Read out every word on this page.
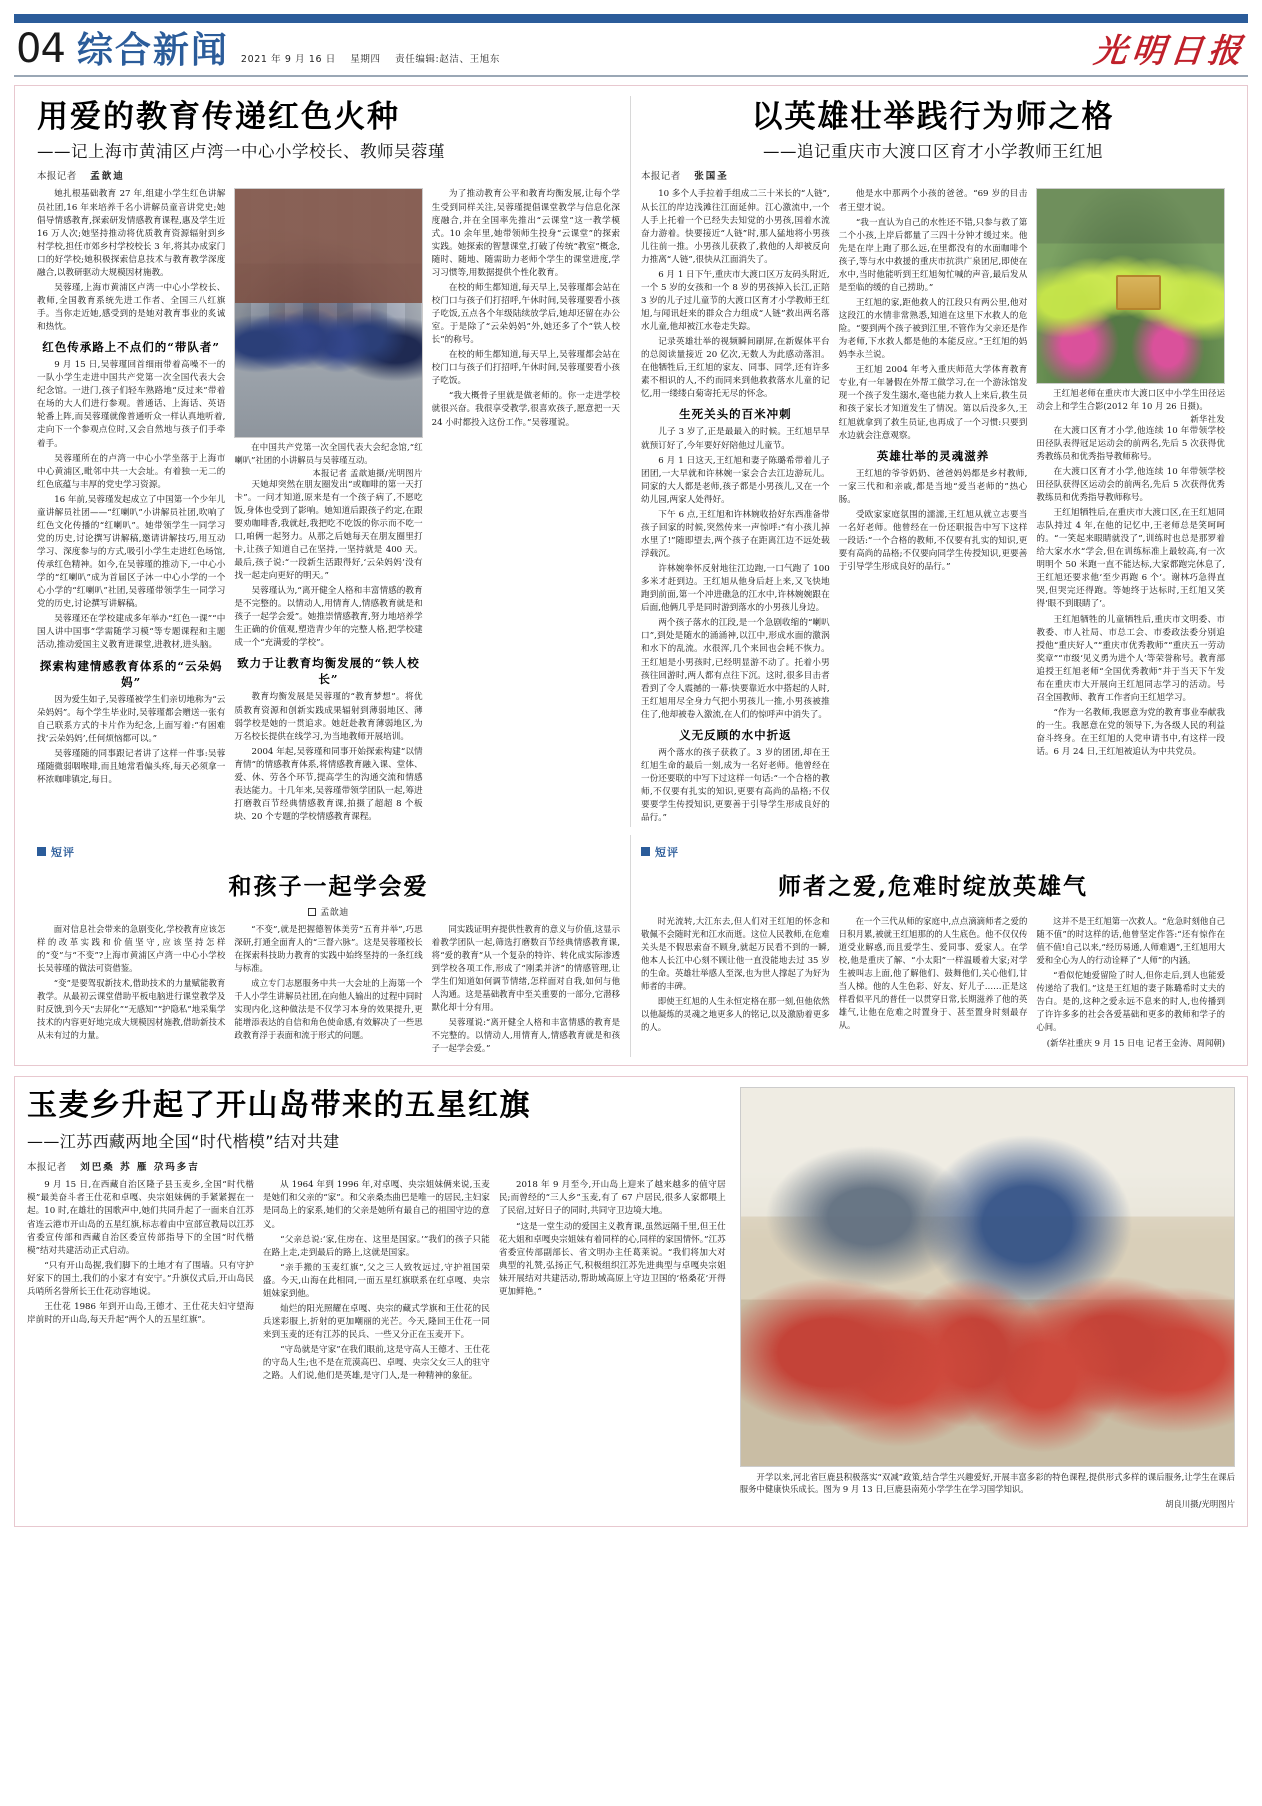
04 综合新闻 2021 年 9 月 16 日 星期四 责任编辑:赵洁、王旭东	光明日报
用爱的教育传递红色火种
——记上海市黄浦区卢湾一中心小学校长、教师吴蓉瑾
本报记者 孟歆迪

她扎根基础教育 27 年,组建小学生红色讲解员社团,16 年来培养千名小讲解员童音讲党史;她倡导情感教育,探索研发情感教育课程,惠及学生近 16 万人次;她坚持推动将优质教育资源辐射到乡村学校,担任市郊乡村学校校长 3 年,将其办成家门口的好学校;她积极探索信息技术与教育教学深度融合,以教研驱动大规模因材施教。

吴蓉瑾,上海市黄浦区卢湾一中心小学校长、教师,全国教育系统先进工作者、全国三八红旗手。当你走近她,感受到的是她对教育事业的炙诚和热忱。

红色传承路上不点们的“带队者”

9 月 15 日,吴蓉瑾回首细雨带着高噪不一的一队小学生走进中国共产党第一次全国代表大会纪念馆。一进门,孩子们轻车熟路地“反过来”带着在场的大人们进行参观。普通话、上海话、英语轮番上阵,而吴蓉瑾就像普通听众一样认真地听着,走向下一个参观点位时,又会自然地与孩子们手牵着手。

吴蓉瑾所在的卢湾一中心小学坐落于上海市中心黄浦区,毗邻中共一大会址。有着独一无二的红色底蕴与丰厚的党史学习资源。

16 年前,吴蓉瑾发起成立了中国第一个少年儿童讲解员社团——“红喇叭”小讲解员社团,吹响了红色文化传播的“红喇叭”。她带领学生一同学习党的历史,讨论撰写讲解稿,邀请讲解技巧,用互动学习、深度参与的方式,吸引小学生走进红色场馆,传承红色精神。如今,在吴蓉瑾的推动下,一中心小学的“红喇叭”成为首届区子沐一中心小学的一个心小学的“红喇叭”社团,吴蓉瑾带领学生一同学习党的历史,讨论撰写讲解稿。

吴蓉瑾还在学校建成多年举办“红色一课”“中国人讲中国事”学需随学习模“等专题课程和主题活动,推动爱国主义教育迸课堂,进教材,进头脑。

探索构建情感教育体系的“云朵妈妈”

因为爱生如子,吴蓉瑾被学生们亲切地称为“云朵妈妈”。每个学生毕业时,吴蓉瑾都会赠送一张有自己联系方式的卡片作为纪念,上面写着:“有困难找‘云朵妈妈’,任何烦恼都可以。”

吴蓉瑾随的同事跟记者讲了这样一件事:吴蓉瑾随微弱咽喉啡,而且她常看偏头疼,每天必须拿一杯浓咖啡镇定,每日。

在中国共产党第一次全国代表大会纪念馆,“红喇叭”社团的小讲解员与吴蓉瑾互动。

本报记者 孟歆迪摄/光明图片

天她却突然在朋友圈发出“或咖啡的第一天打卡”。一问才知道,原来是有一个孩子病了,不愿吃饭,身体也受到了影响。她知道后跟孩子约定,在跟要劝咖啡香,我就赶,我把吃不吃饭的你示而不吃一口,咱俩一起努力。从那之后她每天在朋友圈里打卡,让孩子知道自己在坚持,一坚持就是 400 天。最后,孩子说:“一段新生活跟得好,‘云朵妈妈’没有找一起走向更好的明天。”

吴蓉瑾认为,“离开健全人格和丰富情感的教育是不完整的。以情动人,用情育人,情感教育就是和孩子一起学会爱”。她推崇情感教育,努力地培养学生正确的价值观,塑造青少年的完整人格,把学校建成一个“充满爱的学校”。

致力于让教育均衡发展的“铁人校长”

教育均衡发展是吴蓉瑾的“教育梦想”。将优质教育资源和创新实践成果辐射到薄弱地区、薄弱学校是她的一贯追求。她赶赴教育薄弱地区,为万名校长提供在线学习,为当地教师开展培训。

2004 年起,吴蓉瑾和同事开始探索构建“以情育情”的情感教育体系,将情感教育融入课、堂体、爱、休、劳各个环节,提高学生的沟通交流和情感表达能力。十几年来,吴蓉瑾带领学团队一起,筹进打磨教百节经典情感教育课,拍摄了超超 8 个板块、20 个专题的学校情感教育课程。

为了推动教育公平和教育均衡发展,让每个学生受到同样关注,吴蓉瑾提倡课堂教学与信息化深度融合,并在全国率先推出“云课堂”这一教学模式。10 余年里,她带领师生投身“云课堂”的探索实践。她探索的智慧课堂,打破了传统“教室”概念,随时、随地、随需助力老师个学生的课堂进度,学习习惯等,用数据提供个性化教育。

在校的师生都知道,每天早上,吴蓉瑾都会站在校门口与孩子们打招呼,午休时间,吴蓉瑾要看小孩子吃饭,五点各个年级陆续放学后,她却还留在办公室。于是除了“云朵妈妈”外,她还多了个“铁人校长”的称号。

在校的师生都知道,每天早上,吴蓉瑾都会站在校门口与孩子们打招呼,午休时间,吴蓉瑾要看小孩子吃饭。

“我大概骨子里就是做老师的。你一走进学校就很兴奋。我很享受教学,很喜欢孩子,愿意把一天 24 小时都投入这份工作。”吴蓉瑾说。

以英雄壮举践行为师之格
——追记重庆市大渡口区育才小学教师王红旭
本报记者 张国圣

10 多个人手拉着手组成二三十米长的“人链”,从长江的岸边浅滩往江面延伸。江心激流中,一个人手上托着一个已经失去知觉的小男孩,国着水流奋力游着。快要接近“人链”时,那人猛地将小男孩儿往前一推。小男孩儿获救了,救他的人却被反向力推离“人链”,很快从江面消失了。

6 月 1 日下午,重庆市大渡口区万友码头附近,一个 5 岁的女孩和一个 8 岁的男孩掉入长江,正陪 3 岁的儿子过儿童节的大渡口区育才小学教师王红旭,与闻讯赶来的群众合力组成“人链”救出两名落水儿童,他却被江水卷走失踪。

记录英雄壮举的视频瞬间刷屏,在新媒体平台的总阅读量接近 20 亿次,无数人为此感动落泪。在他牺牲后,王红旭的家友、同事、同学,还有许多素不相识的人,不约而同来到他救救落水儿童的记忆,用一缕缕白菊寄托无尽的怀念。

生死关头的百米冲刺

儿子 3 岁了,正是最最入的时候。王红旭早早就预订好了,今年要好好陪他过儿童节。

6 月 1 日这天,王红旭和妻子陈璐希带着儿子团团,一大早就和许林婉一家会合去江边游玩儿。同家的大人都是老师,孩子都是小男孩儿,又在一个幼儿园,两家人处得好。

下午 6 点,王红旭和许林婉收拾好东西准备带孩子回家的时候,突然传来一声惊呼:“有小孩儿掉水里了!”随即望去,两个孩子在距离江边不远处载浮载沉。

许林婉拳怀反射地往江边跑,一口气跑了 100 多米才赶到边。王红旭从他身后赶上来,又飞快地跑到前面,第一个冲进礁急的江水中,许林婉婉跟在后面,他俩几乎是同时游到落水的小男孩儿身边。

两个孩子落水的江段,是一个急剧收缩的“喇叭口”,到处是随水的涌涌神,以江中,形成水面的激涡和水下的乱流。水很浑,几个来回也会耗不恢力。王红旭是小男孩时,已经明显游不动了。托着小男孩往回游时,两人都有点往下沉。这时,很多目击者看到了令人震撼的一幕:快要靠近水中搭起的人时,王红旭用尽全身力气把小男孩儿一推,小男孩被推住了,他却被卷入激流,在人们的惊呼声中消失了。

义无反顾的水中折返

两个落水的孩子获救了。3 岁的团团,却在王红旭生命的最后一刻,成为一名好老师。他曾经在一份还要联的中写下过这样一句话:“一个合格的教师,不仅要有扎实的知识,更要有高尚的品格;不仅要要学生传授知识,更要善于引导学生形成良好的品行。”

他是水中那两个小孩的爸爸。“69 岁的目击者王望才说。

“我一直认为自己的水性还不错,只参与救了第二个小孩,上岸后都量了三四十分钟才缓过来。他先是在岸上跑了那么远,在里都没有的水面咖啡个孩子,等与水中救援的重庆市抗洪广泉团尼,即使在水中,当时他能听到王红旭匆忙喊的声音,最后发从是至临的缓的自己捞助。”

王红旭的家,距他救人的江段只有两公里,他对这段江的水情非常熟悉,知道在这里下水救人的危险。“要到两个孩子被到江里,不管作为父亲还是作为老师,下水救人都是他的本能反应。”王红旭的妈妈李永兰说。

王红旭 2004 年考入重庆师范大学体育教育专业,有一年暑假在外帮工做学习,在一个游泳馆发现一个孩子发生溺水,毫也能力救人上来后,救生员和孩子家长才知道发生了情况。第以后没多久,王红旭就拿到了救生员证,也再成了一个习惯:只要到水边就会注意观察。

英雄壮举的灵魂滋养

王红旭的爷爷奶奶、爸爸妈妈都是乡村教师,一家三代和和亲戚,都是当地“爱当老师的”热心肠。

受欧家家庭氛围的濡濡,王红旭从就立志要当一名好老师。他曾经在一份还职报告中写下这样一段话:“一个合格的教师,不仅要有扎实的知识,更要有高尚的品格;不仅要向同学生传授知识,更要善于引导学生形成良好的品行。”

王红旭老师在重庆市大渡口区中小学生田径运动会上和学生合影(2012 年 10 月 26 日摄)。

新华社发

在大渡口区育才小学,他连续 10 年带领学校田径队表得冠足运动会的前两名,先后 5 次获得优秀教练员和优秀指导教师称号。

在大渡口区育才小学,他连续 10 年带领学校田径队获得区运动会的前两名,先后 5 次获得优秀教练员和优秀指导教师称号。

王红旭牺牲后,在重庆市大渡口区,在王红旭同志队持过 4 年,在他的记忆中,王老师总是笑呵呵的。“一笑起来眼睛就没了”,训练时也总是那罗着给大家水水“学会,但在训练标准上最较高,有一次明明个 50 米跑一直不能达标,大家都跑完休息了,王红旭还要求他‘至少再跑 6 个’。谢林巧急得直哭,但哭完还得跑。等她终于达标时,王红旭又笑得‘眼不到眼睛了’。

王红旭牺牲的儿童牺牲后,重庆市文明委、市教委、市人社局、市总工会、市委政法委分别追授他“重庆好人”“重庆市优秀教师”“重庆五一劳动奖章”“市级‘见义勇为进个人’等荣誉称号。教育部追授王红旭老师“全国优秀教师”并于当天下午发布在重庆市大开展向王红旭同志学习的活动。号召全国教师、教育工作者向王红旭学习。

“作为一名教师,我愿意为党的教育事业奉献我的一生。我愿意在党的领导下,为各级人民的利益奋斗终身。在王红旭的人党申请书中,有这样一段话。6 月 24 日,王红旭被追认为中共党员。

短评
和孩子一起学会爱
孟歆迪

面对信息社会带来的急剧变化,学校教育应该怎样的改革实践和价值坚守,应该坚持怎样的“变”与“不变”?上海市黄浦区卢湾一中心小学校长吴蓉瑾的做法可资借鉴。

“变”是要驾驭新技术,借助技术的力量赋能教育教学。从最初云课堂借助平板电脑进行课堂教学及时反馈,到今天“去屏化”“无感知”“护隐私”地采集学技术的内容更好地完成大规模因材施教,借助新技术从未有过的力量。

“不变”,就是把握德智体美劳“五育并举”,巧思深研,打通全面育人的“三督六脉”。这是吴蓉瑾校长在探索科技助力教育的实践中始终坚持的一条红线与标准。

成立专门志愿服务中共一大会址的上海第一个千人小学生讲解员社团,在向他人输出的过程中同时实现内化,这种做法是不仅学习本身的效果提升,更能增添表达的自信和角色使命感,有效解决了一些思政教育浮于表面和流于形式的问题。

同实践证明弃提供性教育的意义与价值,这显示着教学团队一起,筛选打磨数百节经典情感教育课,将“爱的教育”从一个复杂的特许、转化成实际渗透到学校各项工作,形成了“刚柔并济”的情感管理,让学生们知道如何调节情绪,怎样面对自我,如何与他人沟通。这是基础教育中至关重要的一部分,它潜移默化却十分有用。

吴蓉瑾说:“离开健全人格和丰富情感的教育是不完整的。以情动人,用情育人,情感教育就是和孩子一起学会爱。”

短评
师者之爱,危难时绽放英雄气

时光流转,大江东去,但人们对王红旭的怀念和敬佩不会随时光和江水而逝。这位人民教师,在危难关头是不假思索奋不顾身,就起万民看不到的一瞬,他本人长江中心刻不顾让他一直没能地去过 35 岁的生命。英雄壮举感人至深,也为世人撑起了为好为师者的丰碑。

即使王红旭的人生永恒定格在那一刻,但他依然以他凝炼的灵魂之地更多人的铭记,以及激励着更多的人。

在一个三代从师的家庭中,点点滴滴师者之爱的日积月累,被就王红旭那的的人生底色。他不仅仅传道受业解惑,而且爱学生、爱同事、爱家人。在学校,他是重庆了解、“小太阳”一样温暖着大家;对学生被叫志上面,他了解他们、鼓舞他们,关心他们,甘当人梯。他的人生色彩、好友、好儿子……正是这样看似平凡的普任一以贯穿日常,长期滋养了他的英雄气,让他在危难之时置身于、甚至置身时刻最存从。

这并不是王红旭第一次救人。“危急时刻他自己随不值”的时这样的话,他曾坚定作答:“还有惊作在值不值!自己以来,“经历易通,人师难遇”,王红旭用大爱和全心为人的行动诠释了“人师”的内涵。

“看似佗她爱留险了时人,但你走后,到人也能爱传递给了我们。”这是王红旭的妻子陈璐希时丈夫的告白。是的,这种之爱永远不息来的时人,也传播到了许许多多的社会各爱基础和更多的教师和学子的心间。

(新华社重庆 9 月 15 日电 记者王金涛、周闻朝)
玉麦乡升起了开山岛带来的五星红旗
——江苏西藏两地全国“时代楷模”结对共建
本报记者 刘巴桑 苏 雁 尕玛多吉

9 月 15 日,在西藏自治区隆子县玉麦乡,全国“时代楷模”最美奋斗者王仕花和卓嘎、央宗姐妹俩的手紧紧握在一起。10 时,在雄壮的国歌声中,她们共同升起了一面来自江苏省连云港市开山岛的五星红旗,标志着由中宣部宣教局以江苏省委宣传部和西藏自治区委宣传部指导下的全国“时代楷模”结对共建活动正式启动。

“只有开山岛握,我们脚下的土地才有了围墙。只有守护好家下的国土,我们的小家才有安宁。”升旗仪式后,开山岛民兵哨所名誉所长王仕花动容地说。

王仕花 1986 年到开山岛,王德才、王仕花夫妇守望海岸前时的开山岛,每天升起“两个人的五星红旗”。

从 1964 年到 1996 年,对卓嘎、央宗姐妹俩来说,玉麦是她们和父亲的“家”。和父亲桑杰曲巴是唯一的居民,主妇家是同岛上的家系,她们的父亲是她所有最自己的祖国守边的意义。

“父亲总说:‘家,住房在、这里是国家。’”我们的孩子只能在路上走,走到最后的路上,这就是国家。

“亲手搬的玉麦红旗”,父之三人致牧远过,守护祖国荣盛。今天,山海在此相同,一面五星红旗联系在红卓嘎、央宗姐妹家到他。

灿烂的阳光照耀在卓嘎、央宗的藏式学旗和王仕花的民兵迷彩服上,折射的更加嘲丽的光芒。今天,隆回王仕花一同来到玉麦的还有江苏的民兵、一些又分正在玉麦开下。

“守岛就是守家”在我们眼前,这是守高人王德才、王仕花的守岛人生;也不是在荒漠高巴、卓嘎、央宗父女三人的驻守之路。人们说,他们是英雄,是守门人,是一种精神的象征。

2018 年 9 月至今,开山岛上迎来了越来越多的值守居民;而曾经的“三人乡”玉麦,有了 67 户居民,很多人家都喂上了民宿,过好日子的同时,共同守卫边境大地。

“这是一堂生动的爱国主义教育课,虽然远隔千里,但王仕花大姐和卓嘎央宗姐妹有着同样的心,同样的家国情怀。”江苏省委宣传部副部长、省文明办主任葛莱说。“我们将加大对典型的礼赞,弘扬正气,积极组织江苏先进典型与卓嘎央宗姐妹开展结对共建活动,帮助域高原上守边卫国的‘格桑花’开得更加鲜艳。”

开学以来,河北省巨鹿县积极落实“双减”政策,结合学生兴趣爱好,开展丰富多彩的特色课程,提供形式多样的课后服务,让学生在课后服务中健康快乐成长。图为 9 月 13 日,巨鹿县南苑小学学生在学习国学知识。

胡良川摄/光明图片
